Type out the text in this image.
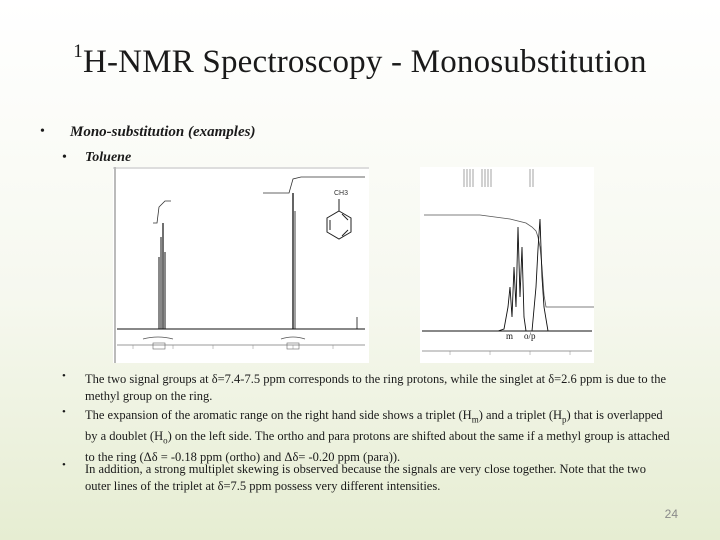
$^1$H-NMR Spectroscopy - Monosubstitution
• Mono-substitution (examples)
• Toluene
CH3
m o/p
• The two signal groups at δ=7.4-7.5 ppm corresponds to the ring protons, while the singlet at δ=2.6 ppm is due to the methyl group on the ring.
• The expansion of the aromatic range on the right hand side shows a triplet $(H_m)$ and a triplet $(H_p)$ that is overlapped by a doublet $(H_o)$ on the left side. The ortho and para protons are shifted about the same if a methyl group is attached to the ring (Δδ = -0.18 ppm (ortho) and Δδ= -0.20 ppm (para)).
• In addition, a strong multiplet skewing is observed because the signals are very close together. Note that the two outer lines of the triplet at δ=7.5 ppm possess very different intensities.
24
